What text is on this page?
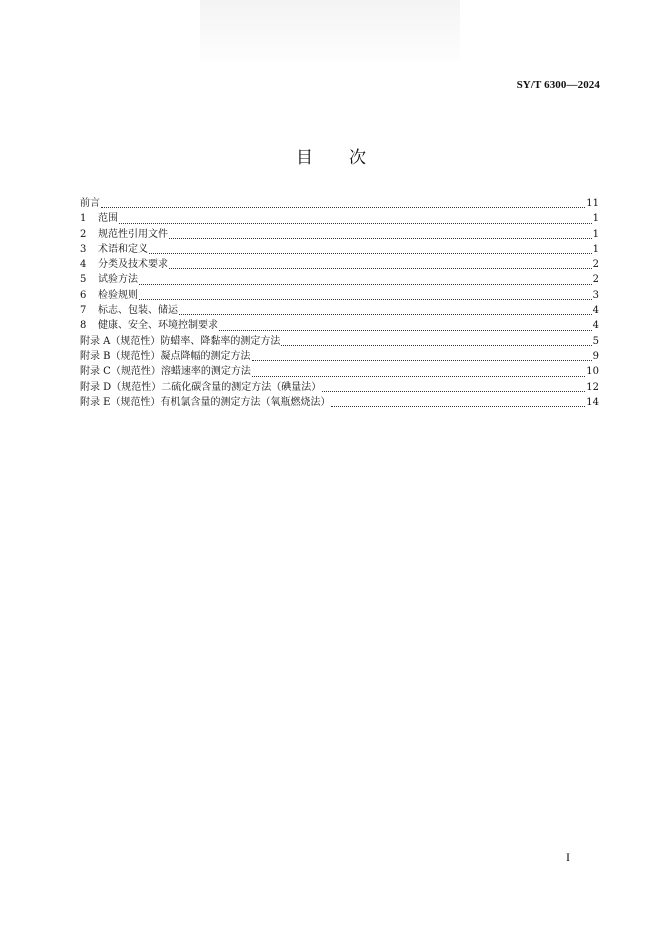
SY/T 6300—2024
目 次
前言	11
1	范围	1
2	规范性引用文件	1
3	术语和定义	1
4	分类及技术要求	2
5	试验方法	2
6	检验规则	3
7	标志、包装、储运	4
8	健康、安全、环境控制要求	4
附录 A（规范性）防蜡率、降黏率的测定方法	5
附录 B（规范性）凝点降幅的测定方法	9
附录 C（规范性）溶蜡速率的测定方法	10
附录 D（规范性）二硫化碳含量的测定方法（碘量法）	12
附录 E（规范性）有机氯含量的测定方法（氧瓶燃烧法）	14
I
